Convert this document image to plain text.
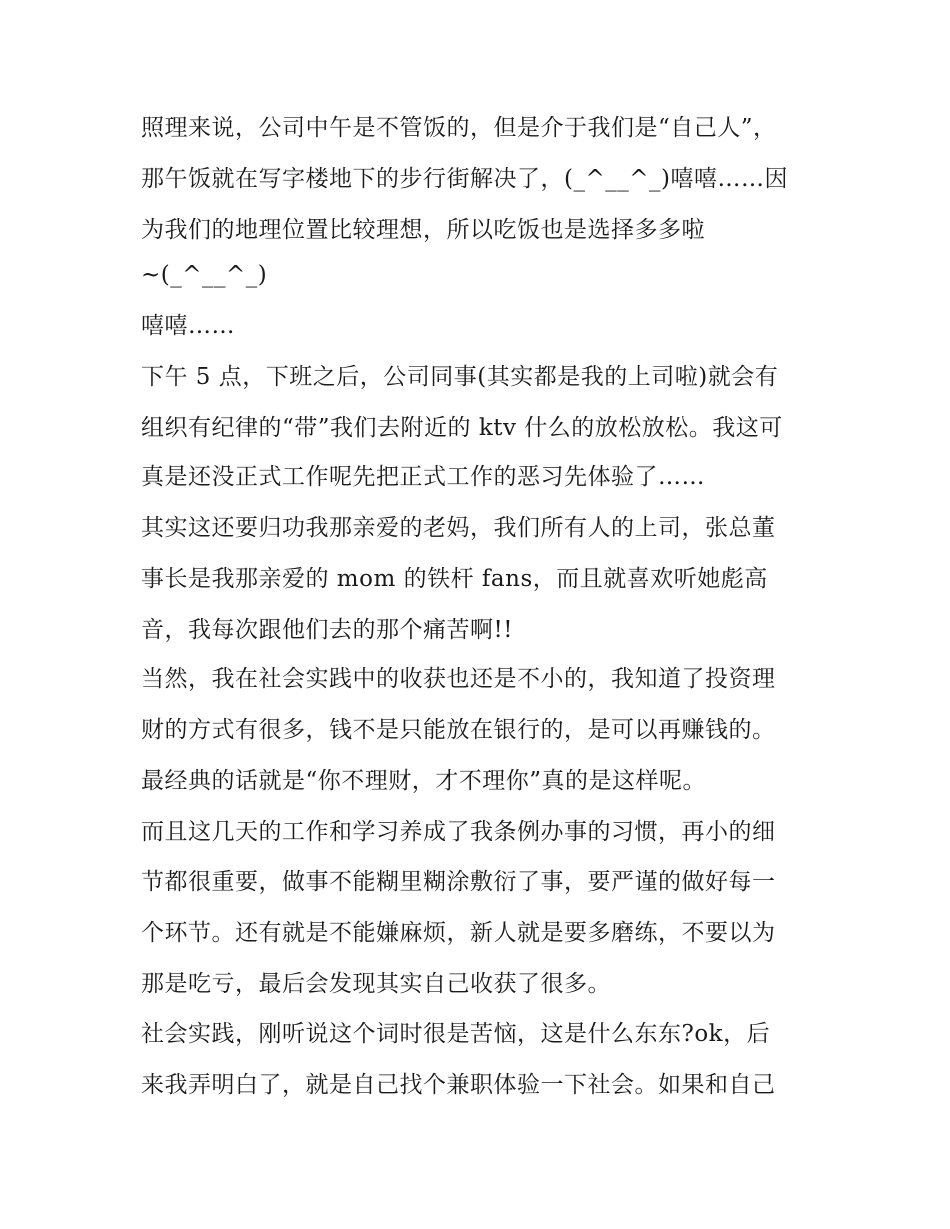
照理来说，公司中午是不管饭的，但是介于我们是“自己人”，
那午饭就在写字楼地下的步行街解决了，(_^__^_)嘻嘻……因
为我们的地理位置比较理想，所以吃饭也是选择多多啦
~(_^__^_)
嘻嘻……
下午 5 点，下班之后，公司同事(其实都是我的上司啦)就会有
组织有纪律的“带”我们去附近的 ktv 什么的放松放松。我这可
真是还没正式工作呢先把正式工作的恶习先体验了……
其实这还要归功我那亲爱的老妈，我们所有人的上司，张总董
事长是我那亲爱的 mom 的铁杆 fans，而且就喜欢听她彪高
音，我每次跟他们去的那个痛苦啊!!
当然，我在社会实践中的收获也还是不小的，我知道了投资理
财的方式有很多，钱不是只能放在银行的，是可以再赚钱的。
最经典的话就是“你不理财，才不理你”真的是这样呢。
而且这几天的工作和学习养成了我条例办事的习惯，再小的细
节都很重要，做事不能糊里糊涂敷衍了事，要严谨的做好每一
个环节。还有就是不能嫌麻烦，新人就是要多磨练，不要以为
那是吃亏，最后会发现其实自己收获了很多。
社会实践，刚听说这个词时很是苦恼，这是什么东东?ok，后
来我弄明白了，就是自己找个兼职体验一下社会。如果和自己
